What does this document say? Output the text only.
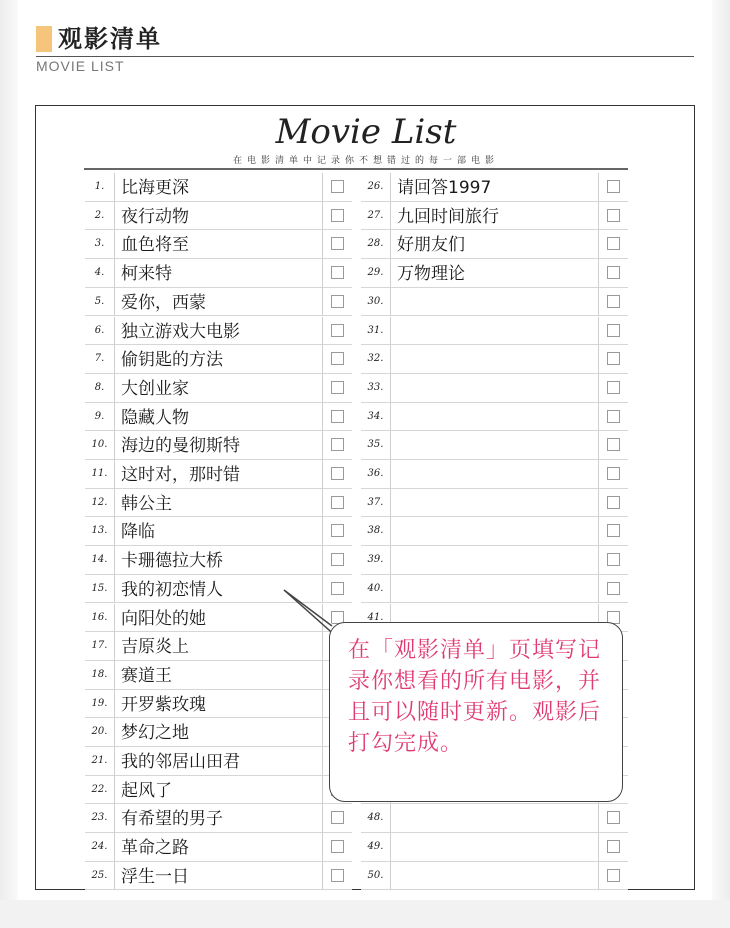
观影清单
MOVIE LIST
Movie List
在电影清单中记录你不想错过的每一部电影
1. 比海更深
2. 夜行动物
3. 血色将至
4. 柯来特
5. 爱你，西蒙
6. 独立游戏大电影
7. 偷钥匙的方法
8. 大创业家
9. 隐藏人物
10. 海边的曼彻斯特
11. 这时对，那时错
12. 韩公主
13. 降临
14. 卡珊德拉大桥
15. 我的初恋情人
16. 向阳处的她
17. 吉原炎上
18. 赛道王
19. 开罗紫玫瑰
20. 梦幻之地
21. 我的邻居山田君
22. 起风了
23. 有希望的男子
24. 革命之路
25. 浮生一日
26. 请回答1997
27. 九回时间旅行
28. 好朋友们
29. 万物理论
30.
31.
32.
33.
34.
35.
36.
37.
38.
39.
40.
41.
48.
49.
50.
在「观影清单」页填写记录你想看的所有电影，并且可以随时更新。观影后打勾完成。
